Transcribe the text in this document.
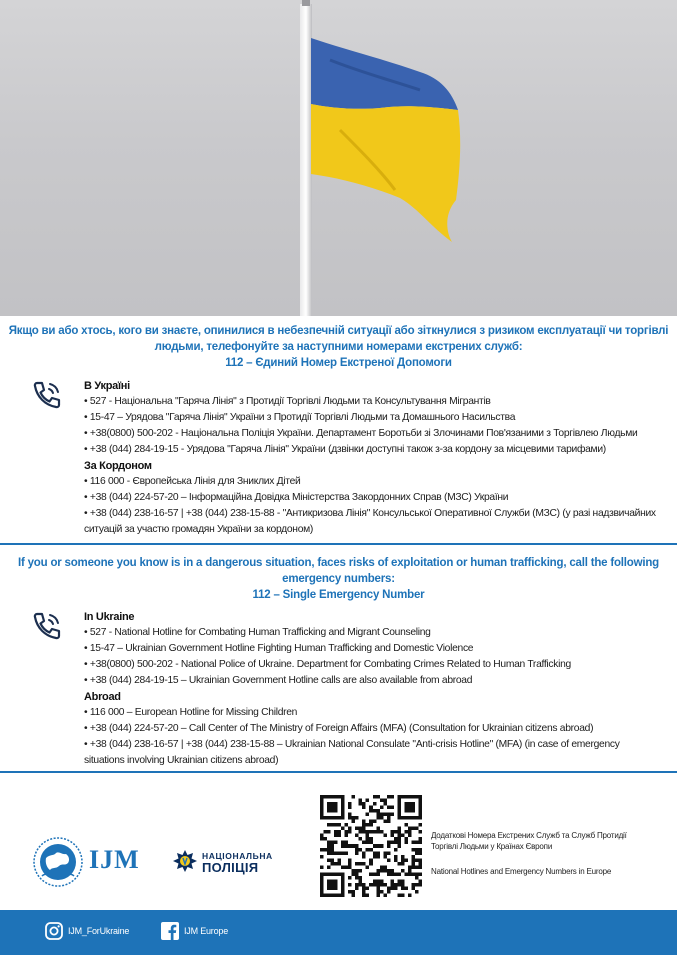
Якщо ви або хтось, кого ви знаєте, опинилися в небезпечній ситуації або зіткнулися з ризиком експлуатації чи торгівлі
людьми, телефонуйте за наступними номерами екстрених служб:
112 – Єдиний Номер Екстреної Допомоги
В Україні
• 527 - Національна "Гаряча Лінія" з Протидії Торгівлі Людьми та Консультування Мігрантів
• 15-47 – Урядова "Гаряча Лінія" України з Протидії Торгівлі Людьми та Домашнього Насильства
• +38(0800) 500-202 - Національна Поліція України. Департамент Боротьби зі Злочинами Пов'язаними з Торгівлею Людьми
• +38 (044) 284-19-15 - Урядова "Гаряча Лінія" України (дзвінки доступні також з-за кордону за місцевими тарифами)
За Кордоном
• 116 000 - Європейська Лінія для Зниклих Дітей
• +38 (044) 224-57-20 – Інформаційна Довідка Міністерства Закордонних Справ (МЗС) України
• +38 (044) 238-16-57 | +38 (044) 238-15-88 - "Антикризова Лінія" Консульської Оперативної Служби (МЗС) (у разі надзвичайних
ситуацій за участю громадян України за кордоном)
If you or someone you know is in a dangerous situation, faces risks of exploitation or human trafficking, call the following
emergency numbers:
112 – Single Emergency Number
In Ukraine
• 527 - National Hotline for Combating Human Trafficking and Migrant Counseling
• 15-47 – Ukrainian Government Hotline Fighting Human Trafficking and Domestic Violence
• +38(0800) 500-202 - National Police of Ukraine. Department for Combating Crimes Related to Human Trafficking
• +38 (044) 284-19-15 – Ukrainian Government Hotline calls are also available from abroad
Abroad
• 116 000 – European Hotline for Missing Children
• +38 (044) 224-57-20 – Call Center of The Ministry of Foreign Affairs (MFA) (Consultation for Ukrainian citizens abroad)
• +38 (044) 238-16-57 | +38 (044) 238-15-88 – Ukrainian National Consulate "Anti-crisis Hotline" (MFA) (in case of emergency
situations involving Ukrainian citizens abroad)
IJM	НАЦІОНАЛЬНА
ПОЛІЦІЯ
Додаткові Номера Екстрених Служб та Служб Протидії
Торгівлі Людьми у Країнах Європи
National Hotlines and Emergency Numbers in Europe
IJM_ForUkraine	IJM Europe
